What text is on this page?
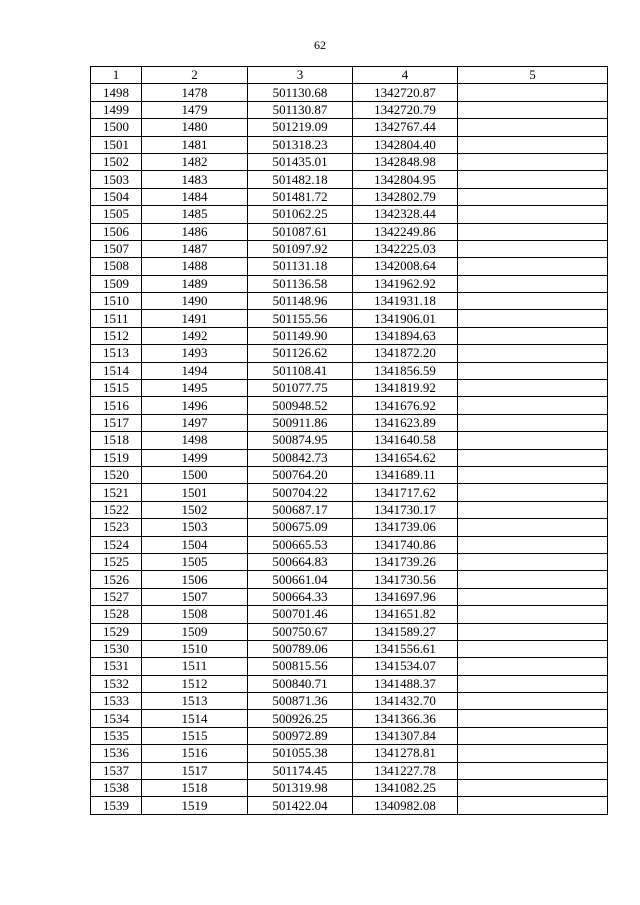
62
1	2	3	4	5
1498	1478	501130.68	1342720.87	
1499	1479	501130.87	1342720.79	
1500	1480	501219.09	1342767.44	
1501	1481	501318.23	1342804.40	
1502	1482	501435.01	1342848.98	
1503	1483	501482.18	1342804.95	
1504	1484	501481.72	1342802.79	
1505	1485	501062.25	1342328.44	
1506	1486	501087.61	1342249.86	
1507	1487	501097.92	1342225.03	
1508	1488	501131.18	1342008.64	
1509	1489	501136.58	1341962.92	
1510	1490	501148.96	1341931.18	
1511	1491	501155.56	1341906.01	
1512	1492	501149.90	1341894.63	
1513	1493	501126.62	1341872.20	
1514	1494	501108.41	1341856.59	
1515	1495	501077.75	1341819.92	
1516	1496	500948.52	1341676.92	
1517	1497	500911.86	1341623.89	
1518	1498	500874.95	1341640.58	
1519	1499	500842.73	1341654.62	
1520	1500	500764.20	1341689.11	
1521	1501	500704.22	1341717.62	
1522	1502	500687.17	1341730.17	
1523	1503	500675.09	1341739.06	
1524	1504	500665.53	1341740.86	
1525	1505	500664.83	1341739.26	
1526	1506	500661.04	1341730.56	
1527	1507	500664.33	1341697.96	
1528	1508	500701.46	1341651.82	
1529	1509	500750.67	1341589.27	
1530	1510	500789.06	1341556.61	
1531	1511	500815.56	1341534.07	
1532	1512	500840.71	1341488.37	
1533	1513	500871.36	1341432.70	
1534	1514	500926.25	1341366.36	
1535	1515	500972.89	1341307.84	
1536	1516	501055.38	1341278.81	
1537	1517	501174.45	1341227.78	
1538	1518	501319.98	1341082.25	
1539	1519	501422.04	1340982.08	
